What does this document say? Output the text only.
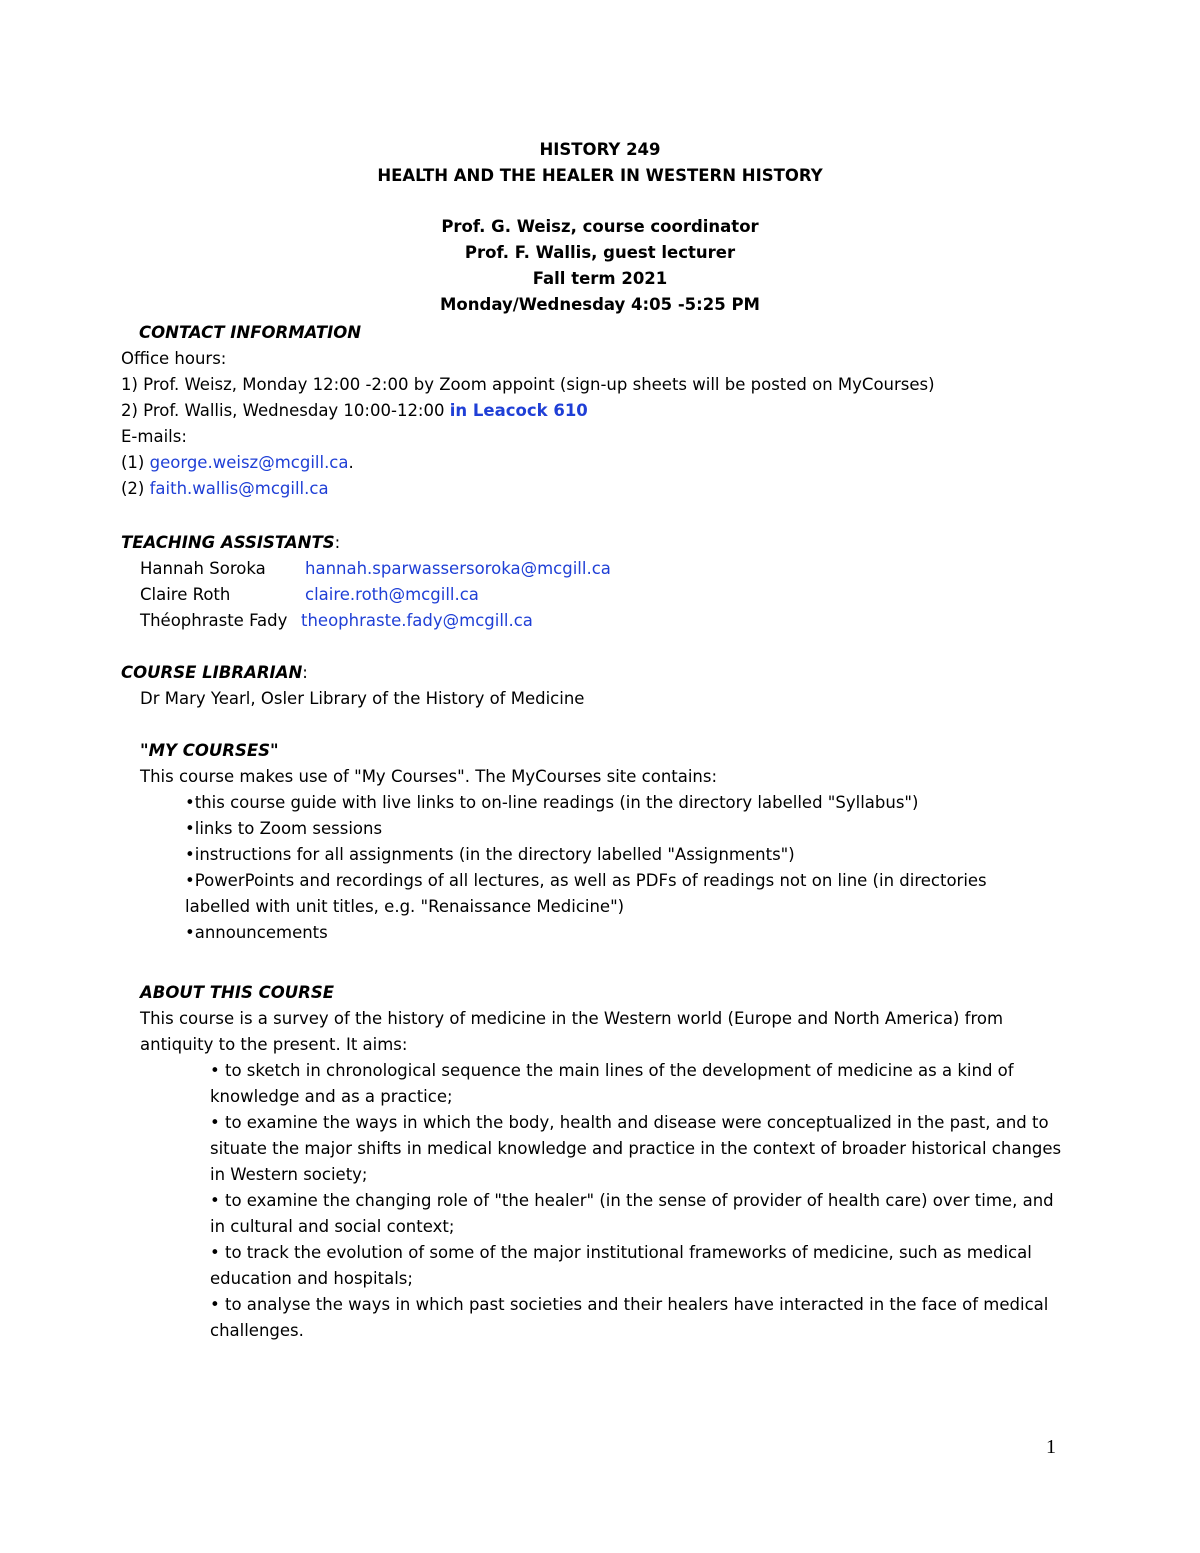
HISTORY 249
HEALTH AND THE HEALER IN WESTERN HISTORY
Prof. G. Weisz, course coordinator
Prof. F. Wallis, guest lecturer
Fall term 2021
Monday/Wednesday 4:05 -5:25 PM
CONTACT INFORMATION
Office hours:
1) Prof. Weisz, Monday 12:00 -2:00 by Zoom appoint (sign-up sheets will be posted on MyCourses)
2) Prof. Wallis, Wednesday 10:00-12:00 in Leacock 610
E-mails:
(1) george.weisz@mcgill.ca.
(2) faith.wallis@mcgill.ca
TEACHING ASSISTANTS:
Hannah Soroka hannah.sparwassersoroka@mcgill.ca
Claire Roth	claire.roth@mcgill.ca
Théophraste Fady theophraste.fady@mcgill.ca
COURSE LIBRARIAN:
Dr Mary Yearl, Osler Library of the History of Medicine
"MY COURSES"
This course makes use of "My Courses". The MyCourses site contains:
•this course guide with live links to on-line readings (in the directory labelled "Syllabus")
•links to Zoom sessions
•instructions for all assignments (in the directory labelled "Assignments")
•PowerPoints and recordings of all lectures, as well as PDFs of readings not on line (in directories labelled with unit titles, e.g. "Renaissance Medicine")
•announcements
ABOUT THIS COURSE
This course is a survey of the history of medicine in the Western world (Europe and North America) from antiquity to the present. It aims:
• to sketch in chronological sequence the main lines of the development of medicine as a kind of knowledge and as a practice;
• to examine the ways in which the body, health and disease were conceptualized in the past, and to situate the major shifts in medical knowledge and practice in the context of broader historical changes in Western society;
• to examine the changing role of "the healer" (in the sense of provider of health care) over time, and in cultural and social context;
• to track the evolution of some of the major institutional frameworks of medicine, such as medical education and hospitals;
• to analyse the ways in which past societies and their healers have interacted in the face of medical challenges.
1
